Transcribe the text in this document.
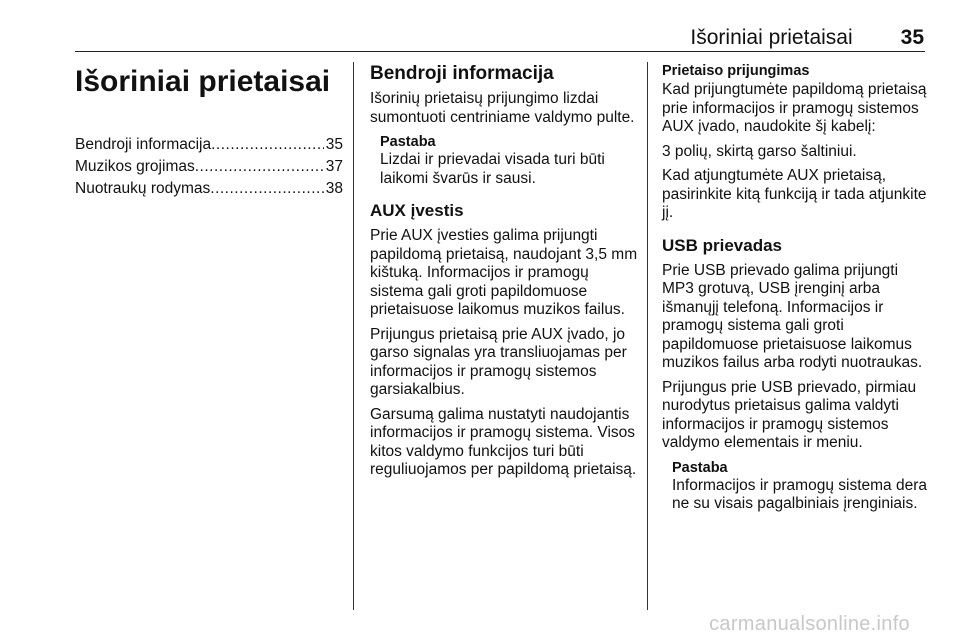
Išoriniai prietaisai 35
Išoriniai prietaisai
Bendroji informacija .....	35
Muzikos grojimas .....	37
Nuotraukų rodymas .....	38
Bendroji informacija

Išorinių prietaisų prijungimo lizdai sumontuoti centriniame valdymo pulte.

Pastaba
Lizdai ir prievadai visada turi būti laikomi švarūs ir sausi.
AUX įvestis

Prie AUX įvesties galima prijungti papildomą prietaisą, naudojant 3,5 mm kištuką. Informacijos ir pramogų sistema gali groti papildomuose prietaisuose laikomus muzikos failus.

Prijungus prietaisą prie AUX įvado, jo garso signalas yra transliuojamas per informacijos ir pramogų sistemos garsiakalbius.

Garsumą galima nustatyti naudojantis informacijos ir pramogų sistema. Visos kitos valdymo funkcijos turi būti reguliuojamos per papildomą prietaisą.

Prietaiso prijungimas

Kad prijungtumėte papildomą prietaisą prie informacijos ir pramogų sistemos AUX įvado, naudokite šį kabelį:

3 polių, skirtą garso šaltiniui.

Kad atjungtumėte AUX prietaisą, pasirinkite kitą funkciją ir tada atjunkite jį.

USB prievadas

Prie USB prievado galima prijungti MP3 grotuvą, USB įrenginį arba išmanųjį telefoną. Informacijos ir pramogų sistema gali groti papildomuose prietaisuose laikomus muzikos failus arba rodyti nuotraukas.

Prijungus prie USB prievado, pirmiau nurodytus prietaisus galima valdyti informacijos ir pramogų sistemos valdymo elementais ir meniu.

Pastaba
Informacijos ir pramogų sistema dera ne su visais pagalbiniais įrenginiais.
carmanualsonline.info
